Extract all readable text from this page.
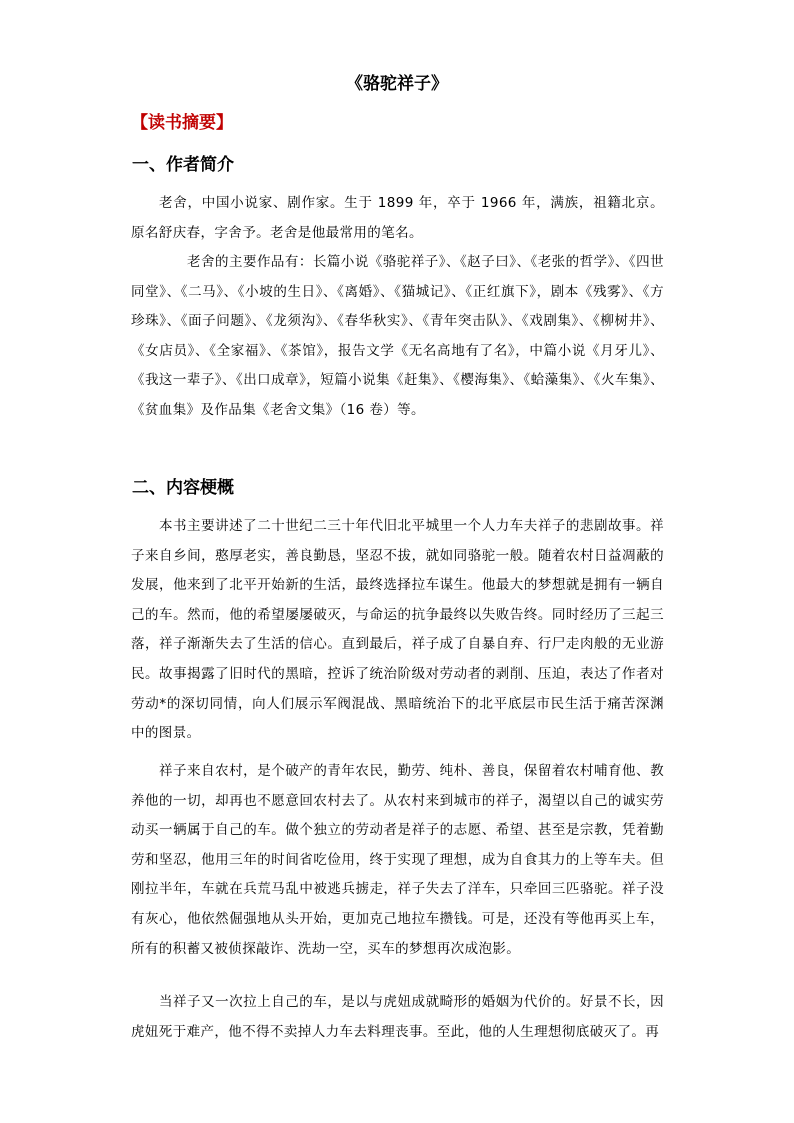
《骆驼祥子》
【读书摘要】
一、作者简介

老舍，中国小说家、剧作家。生于 1899 年，卒于 1966 年，满族，祖籍北京。原名舒庆春，字舍予。老舍是他最常用的笔名。

老舍的主要作品有：长篇小说《骆驼祥子》、《赵子曰》、《老张的哲学》、《四世同堂》、《二马》、《小坡的生日》、《离婚》、《猫城记》、《正红旗下》，剧本《残雾》、《方珍珠》、《面子问题》、《龙须沟》、《春华秋实》、《青年突击队》、《戏剧集》、《柳树井》、《女店员》、《全家福》、《茶馆》，报告文学《无名高地有了名》，中篇小说《月牙儿》、《我这一辈子》、《出口成章》，短篇小说集《赶集》、《樱海集》、《蛤藻集》、《火车集》、《贫血集》及作品集《老舍文集》（16 卷）等。

二、内容梗概

本书主要讲述了二十世纪二三十年代旧北平城里一个人力车夫祥子的悲剧故事。祥子来自乡间，憨厚老实，善良勤恳，坚忍不拔，就如同骆驼一般。随着农村日益凋蔽的发展，他来到了北平开始新的生活，最终选择拉车谋生。他最大的梦想就是拥有一辆自己的车。然而，他的希望屡屡破灭，与命运的抗争最终以失败告终。同时经历了三起三落，祥子渐渐失去了生活的信心。直到最后，祥子成了自暴自弃、行尸走肉般的无业游民。故事揭露了旧时代的黑暗，控诉了统治阶级对劳动者的剥削、压迫，表达了作者对劳动*的深切同情，向人们展示军阀混战、黑暗统治下的北平底层市民生活于痛苦深渊中的图景。

祥子来自农村，是个破产的青年农民，勤劳、纯朴、善良，保留着农村哺育他、教养他的一切，却再也不愿意回农村去了。从农村来到城市的祥子，渴望以自己的诚实劳动买一辆属于自己的车。做个独立的劳动者是祥子的志愿、希望、甚至是宗教，凭着勤劳和坚忍，他用三年的时间省吃俭用，终于实现了理想，成为自食其力的上等车夫。但刚拉半年，车就在兵荒马乱中被逃兵掳走，祥子失去了洋车，只牵回三匹骆驼。祥子没有灰心，他依然倔强地从头开始，更加克己地拉车攒钱。可是，还没有等他再买上车，所有的积蓄又被侦探敲诈、洗劫一空，买车的梦想再次成泡影。

当祥子又一次拉上自己的车，是以与虎妞成就畸形的婚姻为代价的。好景不长，因虎妞死于难产，他不得不卖掉人力车去料理丧事。至此，他的人生理想彻底破灭了。再
